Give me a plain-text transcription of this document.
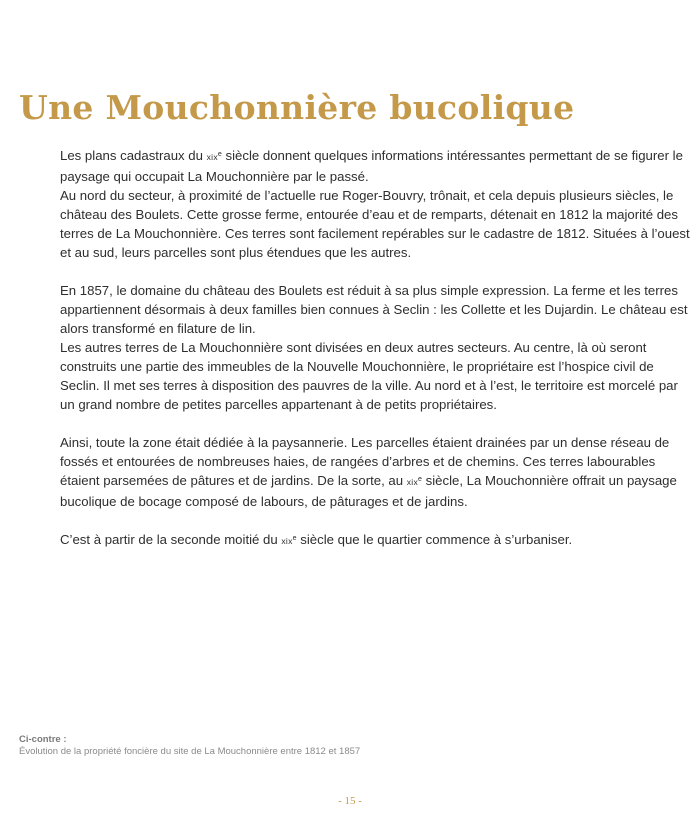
Une Mouchonnière bucolique

Les plans cadastraux du xix$^e$ siècle donnent quelques informations intéressantes permettant de se figurer le paysage qui occupait La Mouchonnière par le passé.

Au nord du secteur, à proximité de l’actuelle rue Roger-Bouvry, trônait, et cela depuis plusieurs siècles, le château des Boulets. Cette grosse ferme, entourée d’eau et de remparts, détenait en 1812 la majorité des terres de La Mouchonnière. Ces terres sont facilement repérables sur le cadastre de 1812. Situées à l’ouest et au sud, leurs parcelles sont plus étendues que les autres.

En 1857, le domaine du château des Boulets est réduit à sa plus simple expression. La ferme et les terres appartiennent désormais à deux familles bien connues à Seclin : les Collette et les Dujardin. Le château est alors transformé en filature de lin.

Les autres terres de La Mouchonnière sont divisées en deux autres secteurs. Au centre, là où seront construits une partie des immeubles de la Nouvelle Mouchonnière, le propriétaire est l’hospice civil de Seclin. Il met ses terres à disposition des pauvres de la ville. Au nord et à l’est, le territoire est morcelé par un grand nombre de petites parcelles appartenant à de petits propriétaires.

Ainsi, toute la zone était dédiée à la paysannerie. Les parcelles étaient drainées par un dense réseau de fossés et entourées de nombreuses haies, de rangées d’arbres et de chemins. Ces terres labourables étaient parsemées de pâtures et de jardins. De la sorte, au xix$^e$ siècle, La Mouchonnière offrait un paysage bucolique de bocage composé de labours, de pâturages et de jardins.

C’est à partir de la seconde moitié du xix$^e$ siècle que le quartier commence à s’urbaniser.

Ci-contre :
Évolution de la propriété foncière du site de La Mouchonnière entre 1812 et 1857
- 15 -
